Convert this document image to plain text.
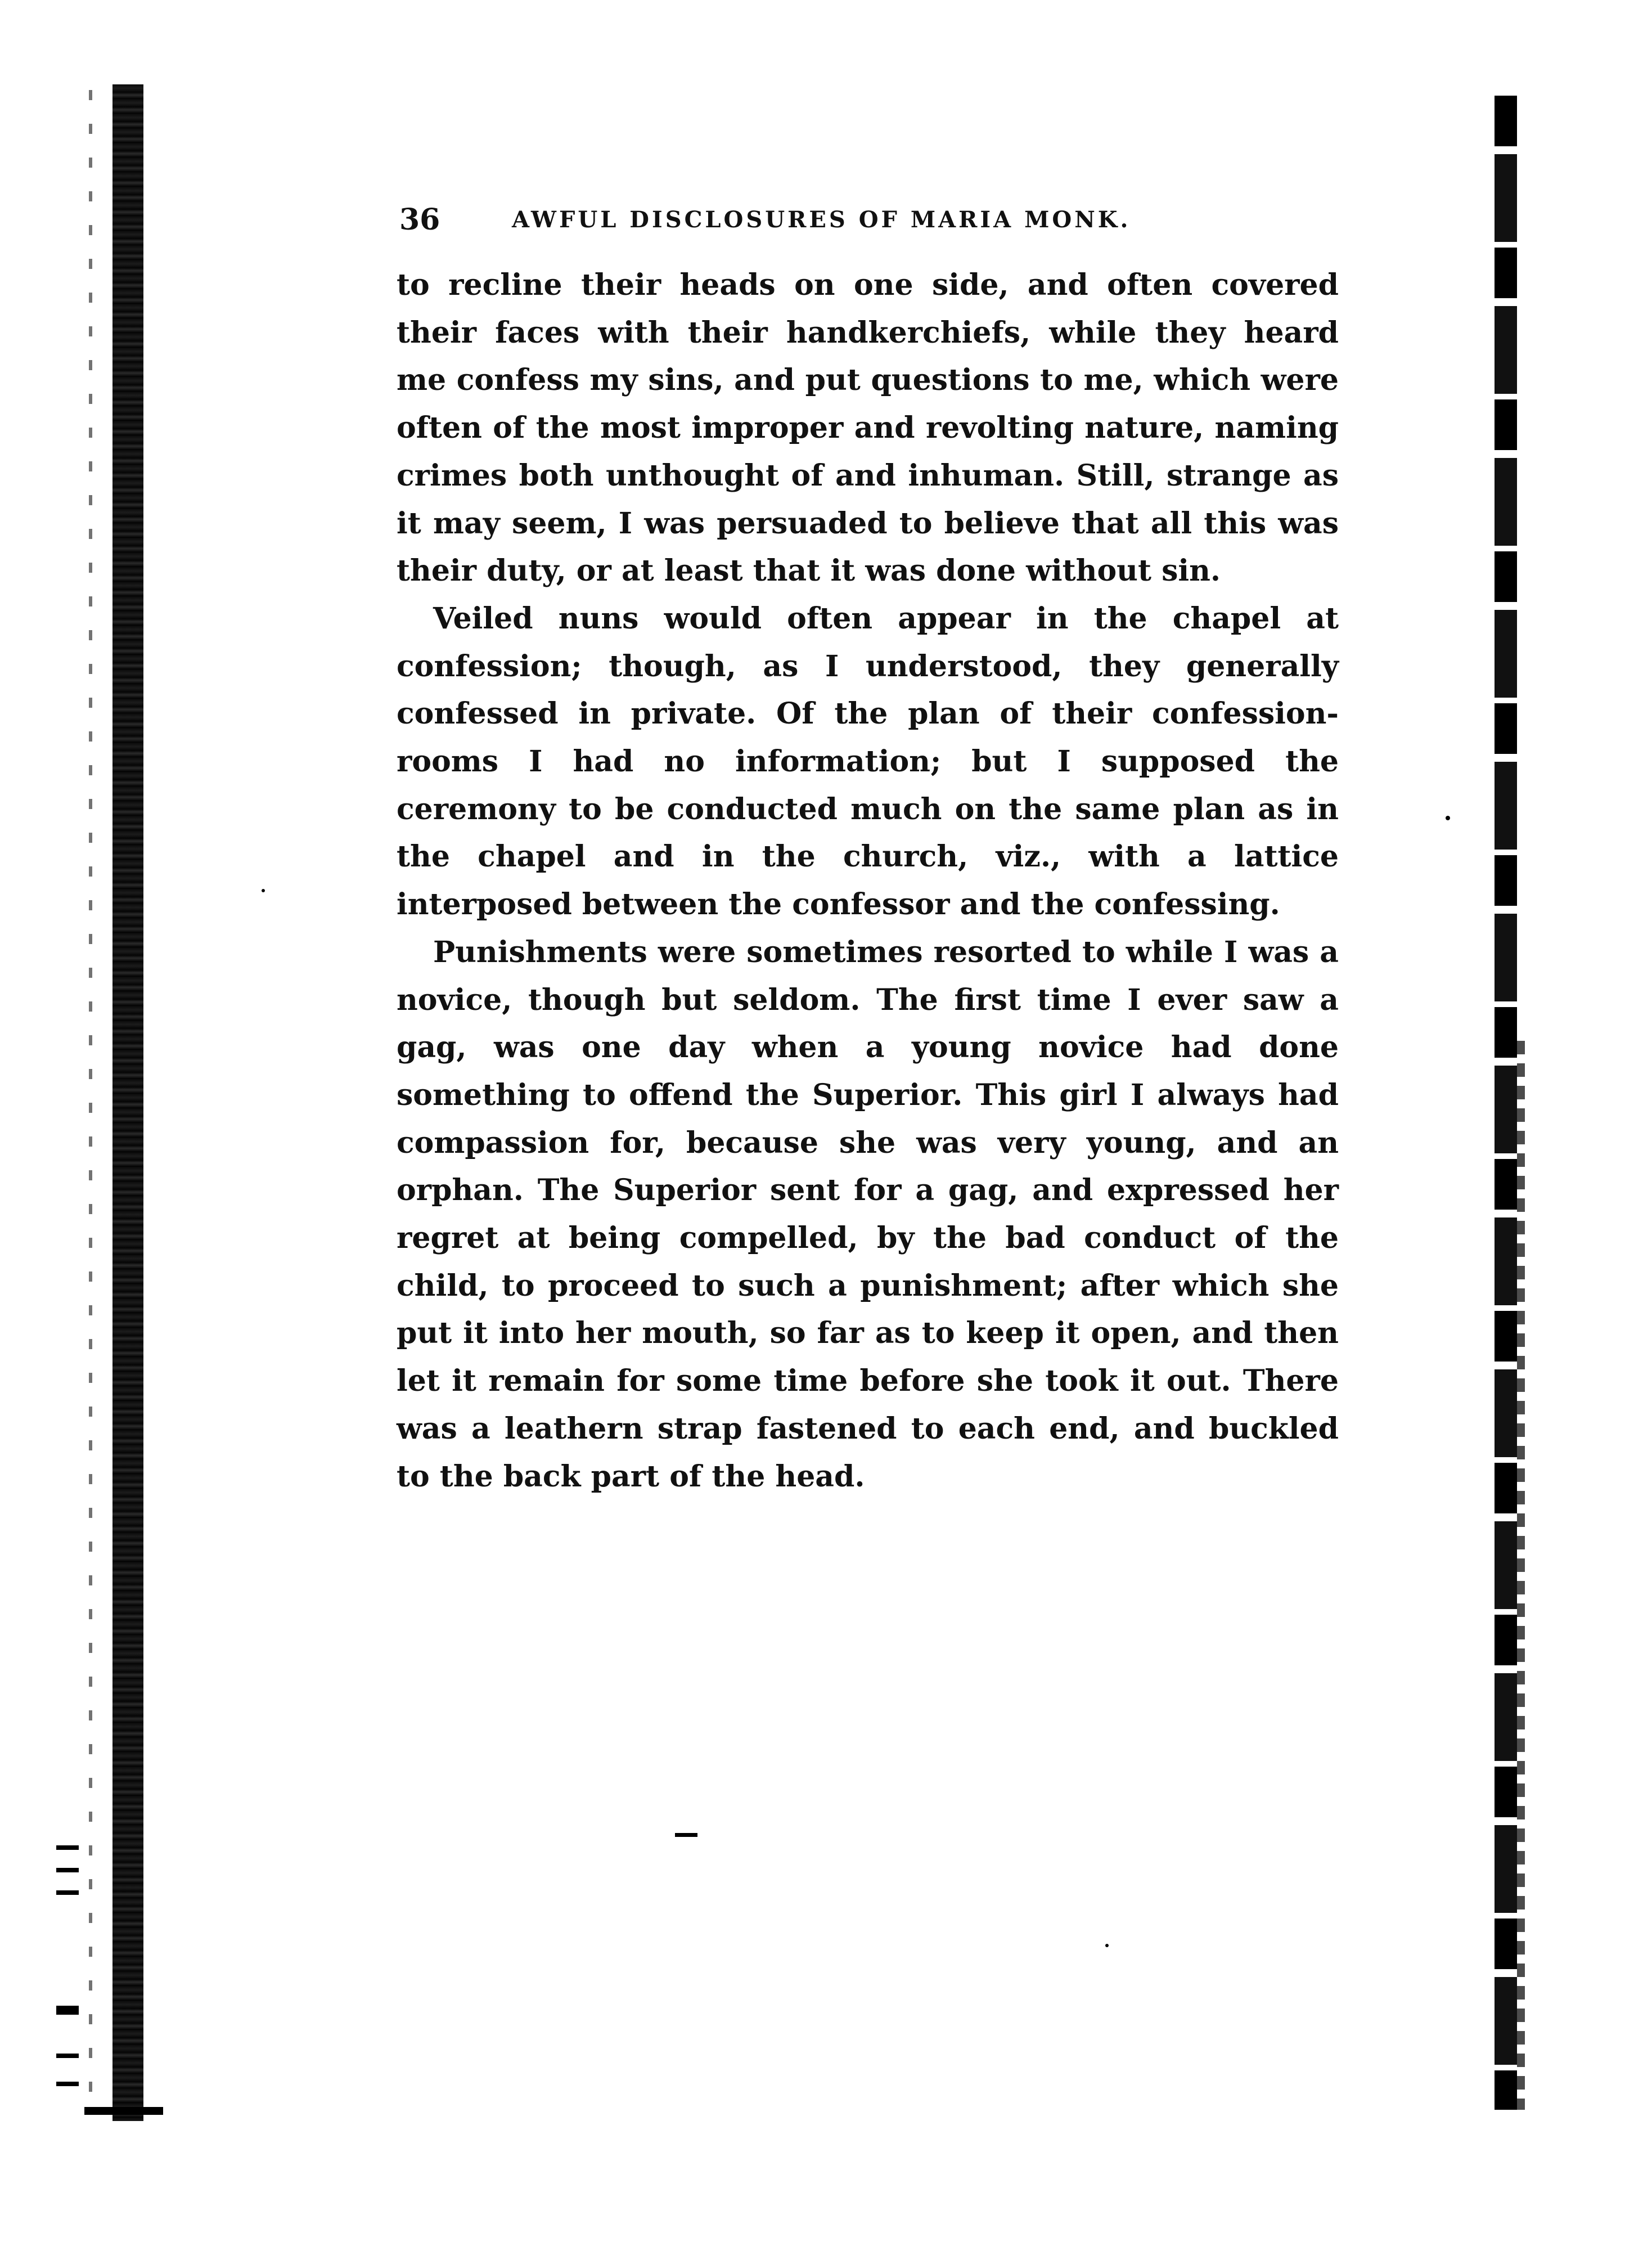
36	AWFUL DISCLOSURES OF MARIA MONK.

to recline their heads on one side, and often covered their faces with their handkerchiefs, while they heard me confess my sins, and put questions to me, which were often of the most improper and revolting nature, naming crimes both unthought of and inhuman. Still, strange as it may seem, I was persuaded to believe that all this was their duty, or at least that it was done without sin.

Veiled nuns would often appear in the chapel at confession; though, as I understood, they generally confessed in private. Of the plan of their confession-rooms I had no information; but I supposed the ceremony to be conducted much on the same plan as in the chapel and in the church, viz., with a lattice interposed between the confessor and the confessing.

Punishments were sometimes resorted to while I was a novice, though but seldom. The first time I ever saw a gag, was one day when a young novice had done something to offend the Superior. This girl I always had compassion for, because she was very young, and an orphan. The Superior sent for a gag, and expressed her regret at being compelled, by the bad conduct of the child, to proceed to such a punishment; after which she put it into her mouth, so far as to keep it open, and then let it remain for some time before she took it out. There was a leathern strap fastened to each end, and buckled to the back part of the head.
